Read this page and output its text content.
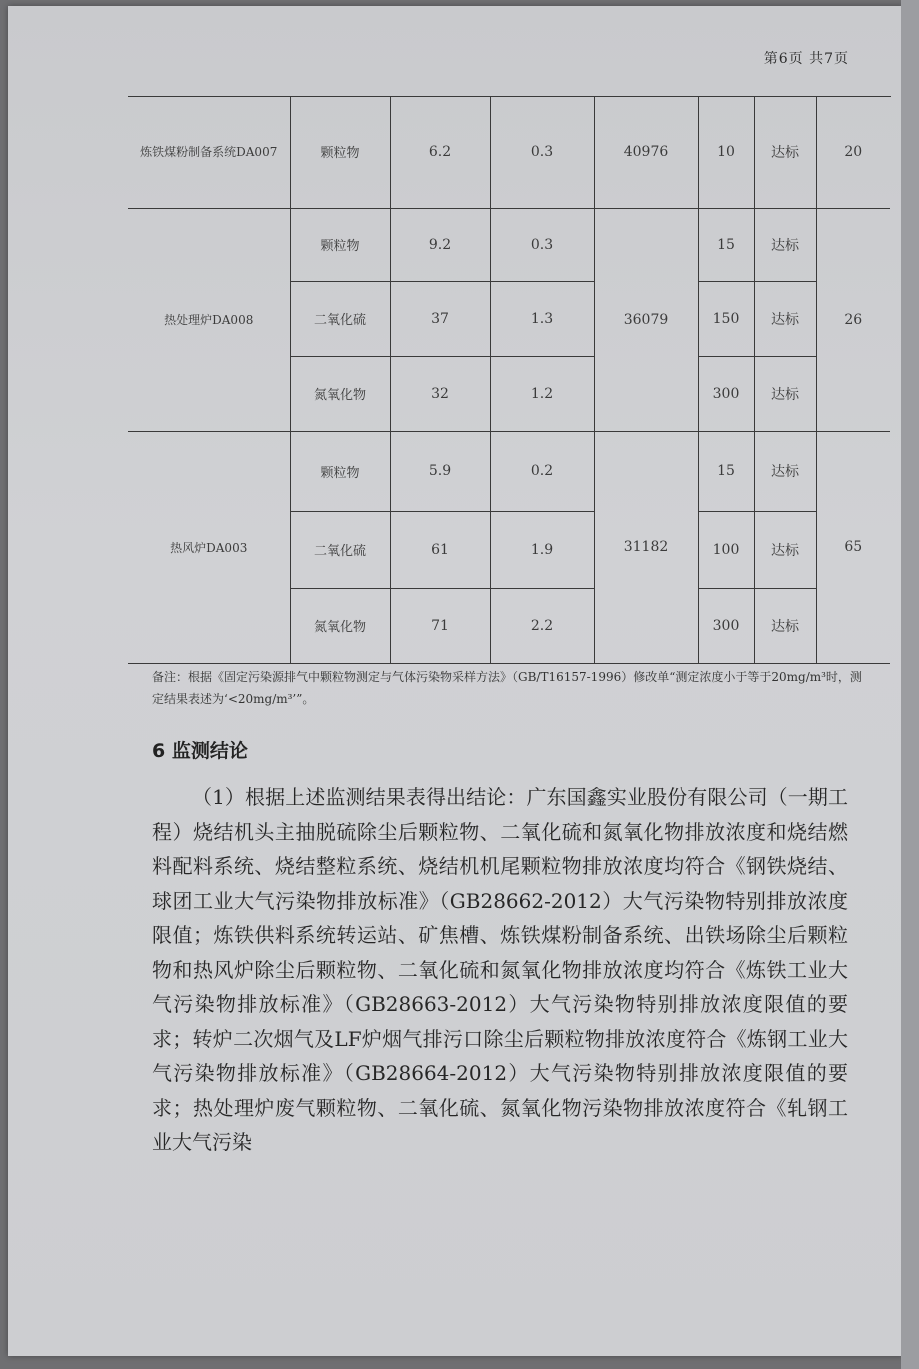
第6页 共7页
炼铁煤粉制备系统DA007	颗粒物	6.2	0.3	40976	10	达标	20
热处理炉DA008	颗粒物	9.2	0.3	36079	15	达标	26
	二氧化硫	37	1.3		150	达标	
	氮氧化物	32	1.2		300	达标	
热风炉DA003	颗粒物	5.9	0.2	31182	15	达标	65
	二氧化硫	61	1.9		100	达标	
	氮氧化物	71	2.2		300	达标	
备注：根据《固定污染源排气中颗粒物测定与气体污染物采样方法》（GB/T16157-1996）修改单“测定浓度小于等于20mg/m³时，测定结果表述为‘<20mg/m³’”。
6 监测结论

（1）根据上述监测结果表得出结论：广东国鑫实业股份有限公司（一期工程）烧结机头主抽脱硫除尘后颗粒物、二氧化硫和氮氧化物排放浓度和烧结燃料配料系统、烧结整粒系统、烧结机机尾颗粒物排放浓度均符合《钢铁烧结、球团工业大气污染物排放标准》（GB28662-2012）大气污染物特别排放浓度限值；炼铁供料系统转运站、矿焦槽、炼铁煤粉制备系统、出铁场除尘后颗粒物和热风炉除尘后颗粒物、二氧化硫和氮氧化物排放浓度均符合《炼铁工业大气污染物排放标准》（GB28663-2012）大气污染物特别排放浓度限值的要求；转炉二次烟气及LF炉烟气排污口除尘后颗粒物排放浓度符合《炼钢工业大气污染物排放标准》（GB28664-2012）大气污染物特别排放浓度限值的要求；热处理炉废气颗粒物、二氧化硫、氮氧化物污染物排放浓度符合《轧钢工业大气污染
